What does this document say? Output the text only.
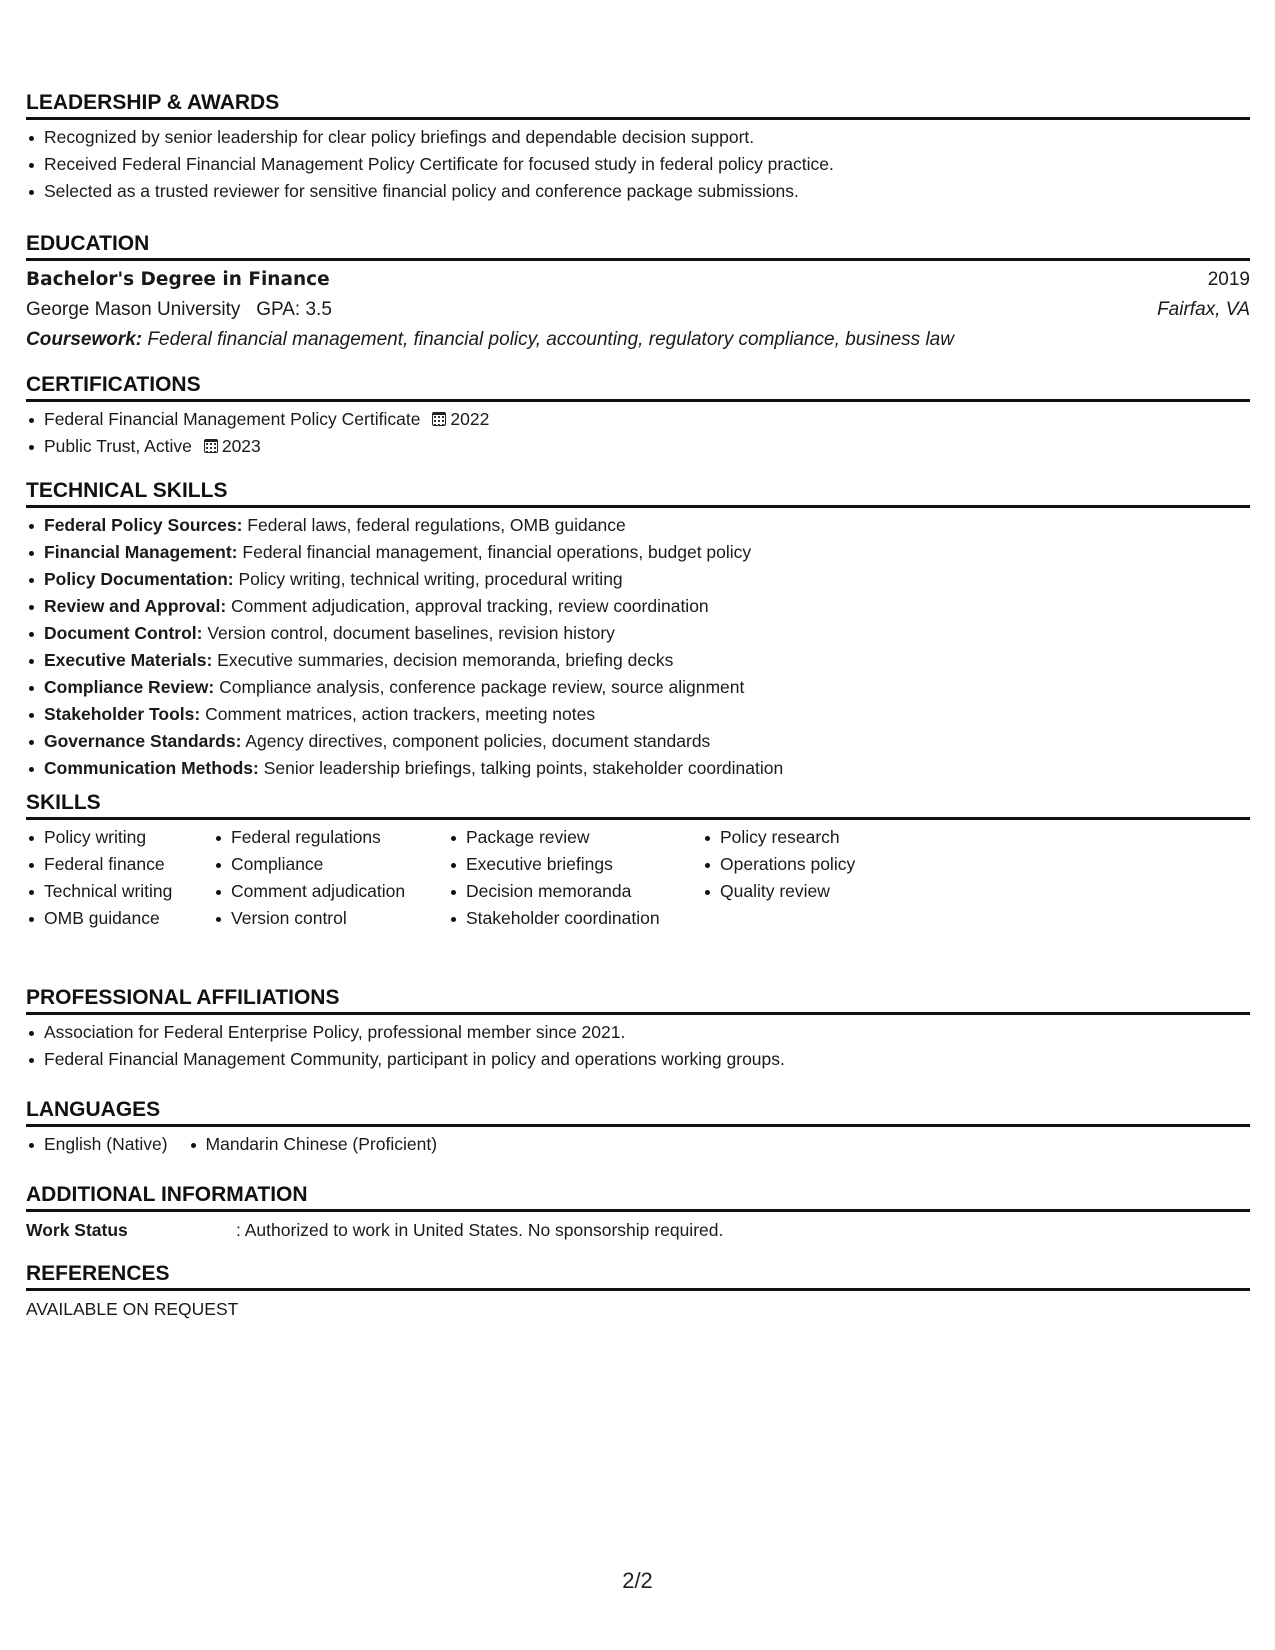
LEADERSHIP & AWARDS
Recognized by senior leadership for clear policy briefings and dependable decision support.
Received Federal Financial Management Policy Certificate for focused study in federal policy practice.
Selected as a trusted reviewer for sensitive financial policy and conference package submissions.
EDUCATION
Bachelor's Degree in Finance	2019
George Mason University GPA: 3.5	Fairfax, VA
Coursework: Federal financial management, financial policy, accounting, regulatory compliance, business law
CERTIFICATIONS
Federal Financial Management Policy Certificate 2022
Public Trust, Active 2023
TECHNICAL SKILLS
Federal Policy Sources: Federal laws, federal regulations, OMB guidance
Financial Management: Federal financial management, financial operations, budget policy
Policy Documentation: Policy writing, technical writing, procedural writing
Review and Approval: Comment adjudication, approval tracking, review coordination
Document Control: Version control, document baselines, revision history
Executive Materials: Executive summaries, decision memoranda, briefing decks
Compliance Review: Compliance analysis, conference package review, source alignment
Stakeholder Tools: Comment matrices, action trackers, meeting notes
Governance Standards: Agency directives, component policies, document standards
Communication Methods: Senior leadership briefings, talking points, stakeholder coordination
SKILLS
Policy writing
Federal finance
Technical writing
OMB guidance
Federal regulations
Compliance
Comment adjudication
Version control
Package review
Executive briefings
Decision memoranda
Stakeholder coordination
Policy research
Operations policy
Quality review
PROFESSIONAL AFFILIATIONS
Association for Federal Enterprise Policy, professional member since 2021.
Federal Financial Management Community, participant in policy and operations working groups.
LANGUAGES
English (Native)	Mandarin Chinese (Proficient)
ADDITIONAL INFORMATION
Work Status	: Authorized to work in United States. No sponsorship required.
REFERENCES
AVAILABLE ON REQUEST
2/2
